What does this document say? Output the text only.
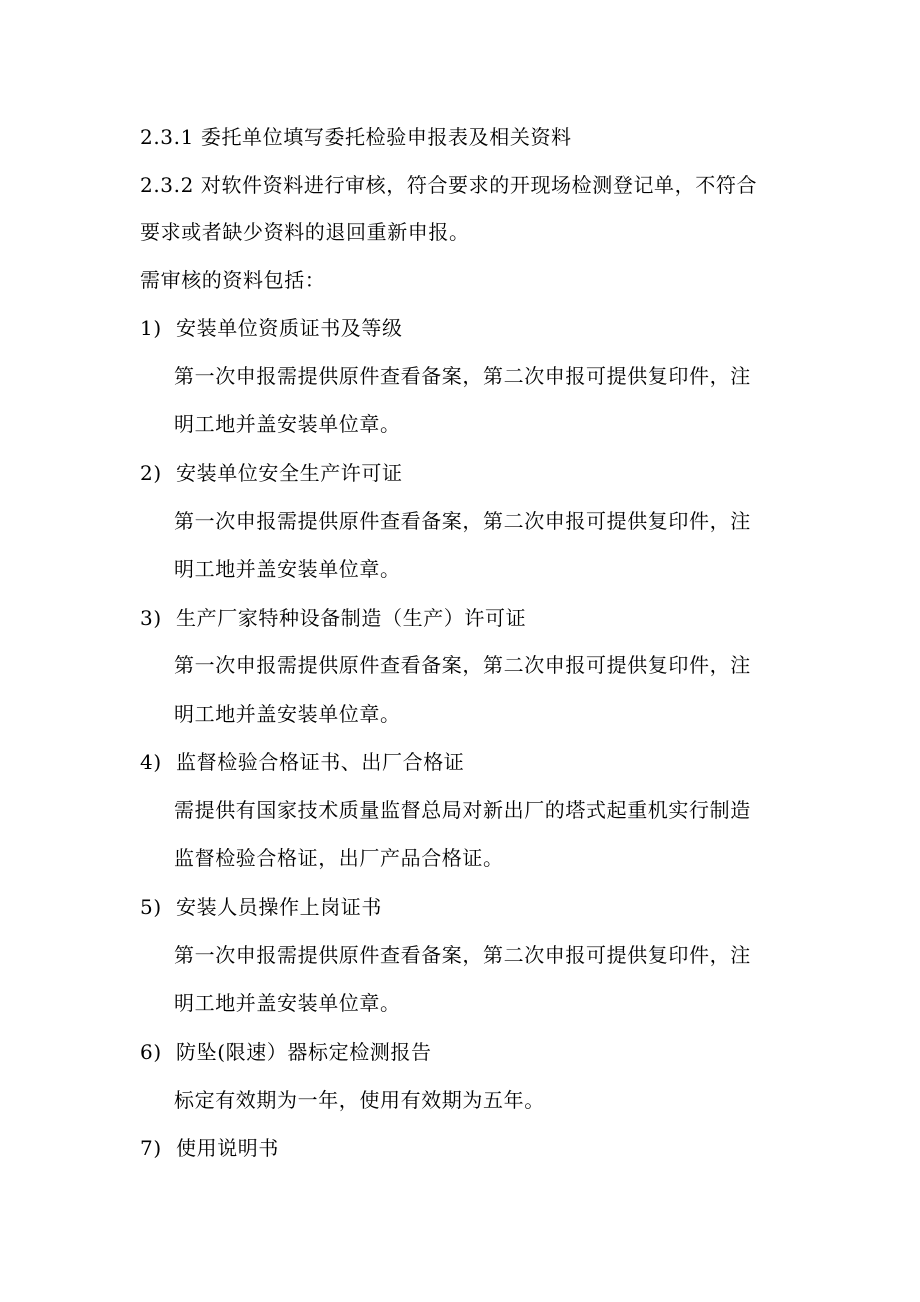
2.3.1 委托单位填写委托检验申报表及相关资料
2.3.2 对软件资料进行审核，符合要求的开现场检测登记单，不符合
要求或者缺少资料的退回重新申报。
需审核的资料包括：
1) 安装单位资质证书及等级
第一次申报需提供原件查看备案，第二次申报可提供复印件，注
明工地并盖安装单位章。
2) 安装单位安全生产许可证
第一次申报需提供原件查看备案，第二次申报可提供复印件，注
明工地并盖安装单位章。
3) 生产厂家特种设备制造（生产）许可证
第一次申报需提供原件查看备案，第二次申报可提供复印件，注
明工地并盖安装单位章。
4) 监督检验合格证书、出厂合格证
需提供有国家技术质量监督总局对新出厂的塔式起重机实行制造
监督检验合格证，出厂产品合格证。
5) 安装人员操作上岗证书
第一次申报需提供原件查看备案，第二次申报可提供复印件，注
明工地并盖安装单位章。
6) 防坠(限速）器标定检测报告
标定有效期为一年，使用有效期为五年。
7) 使用说明书
